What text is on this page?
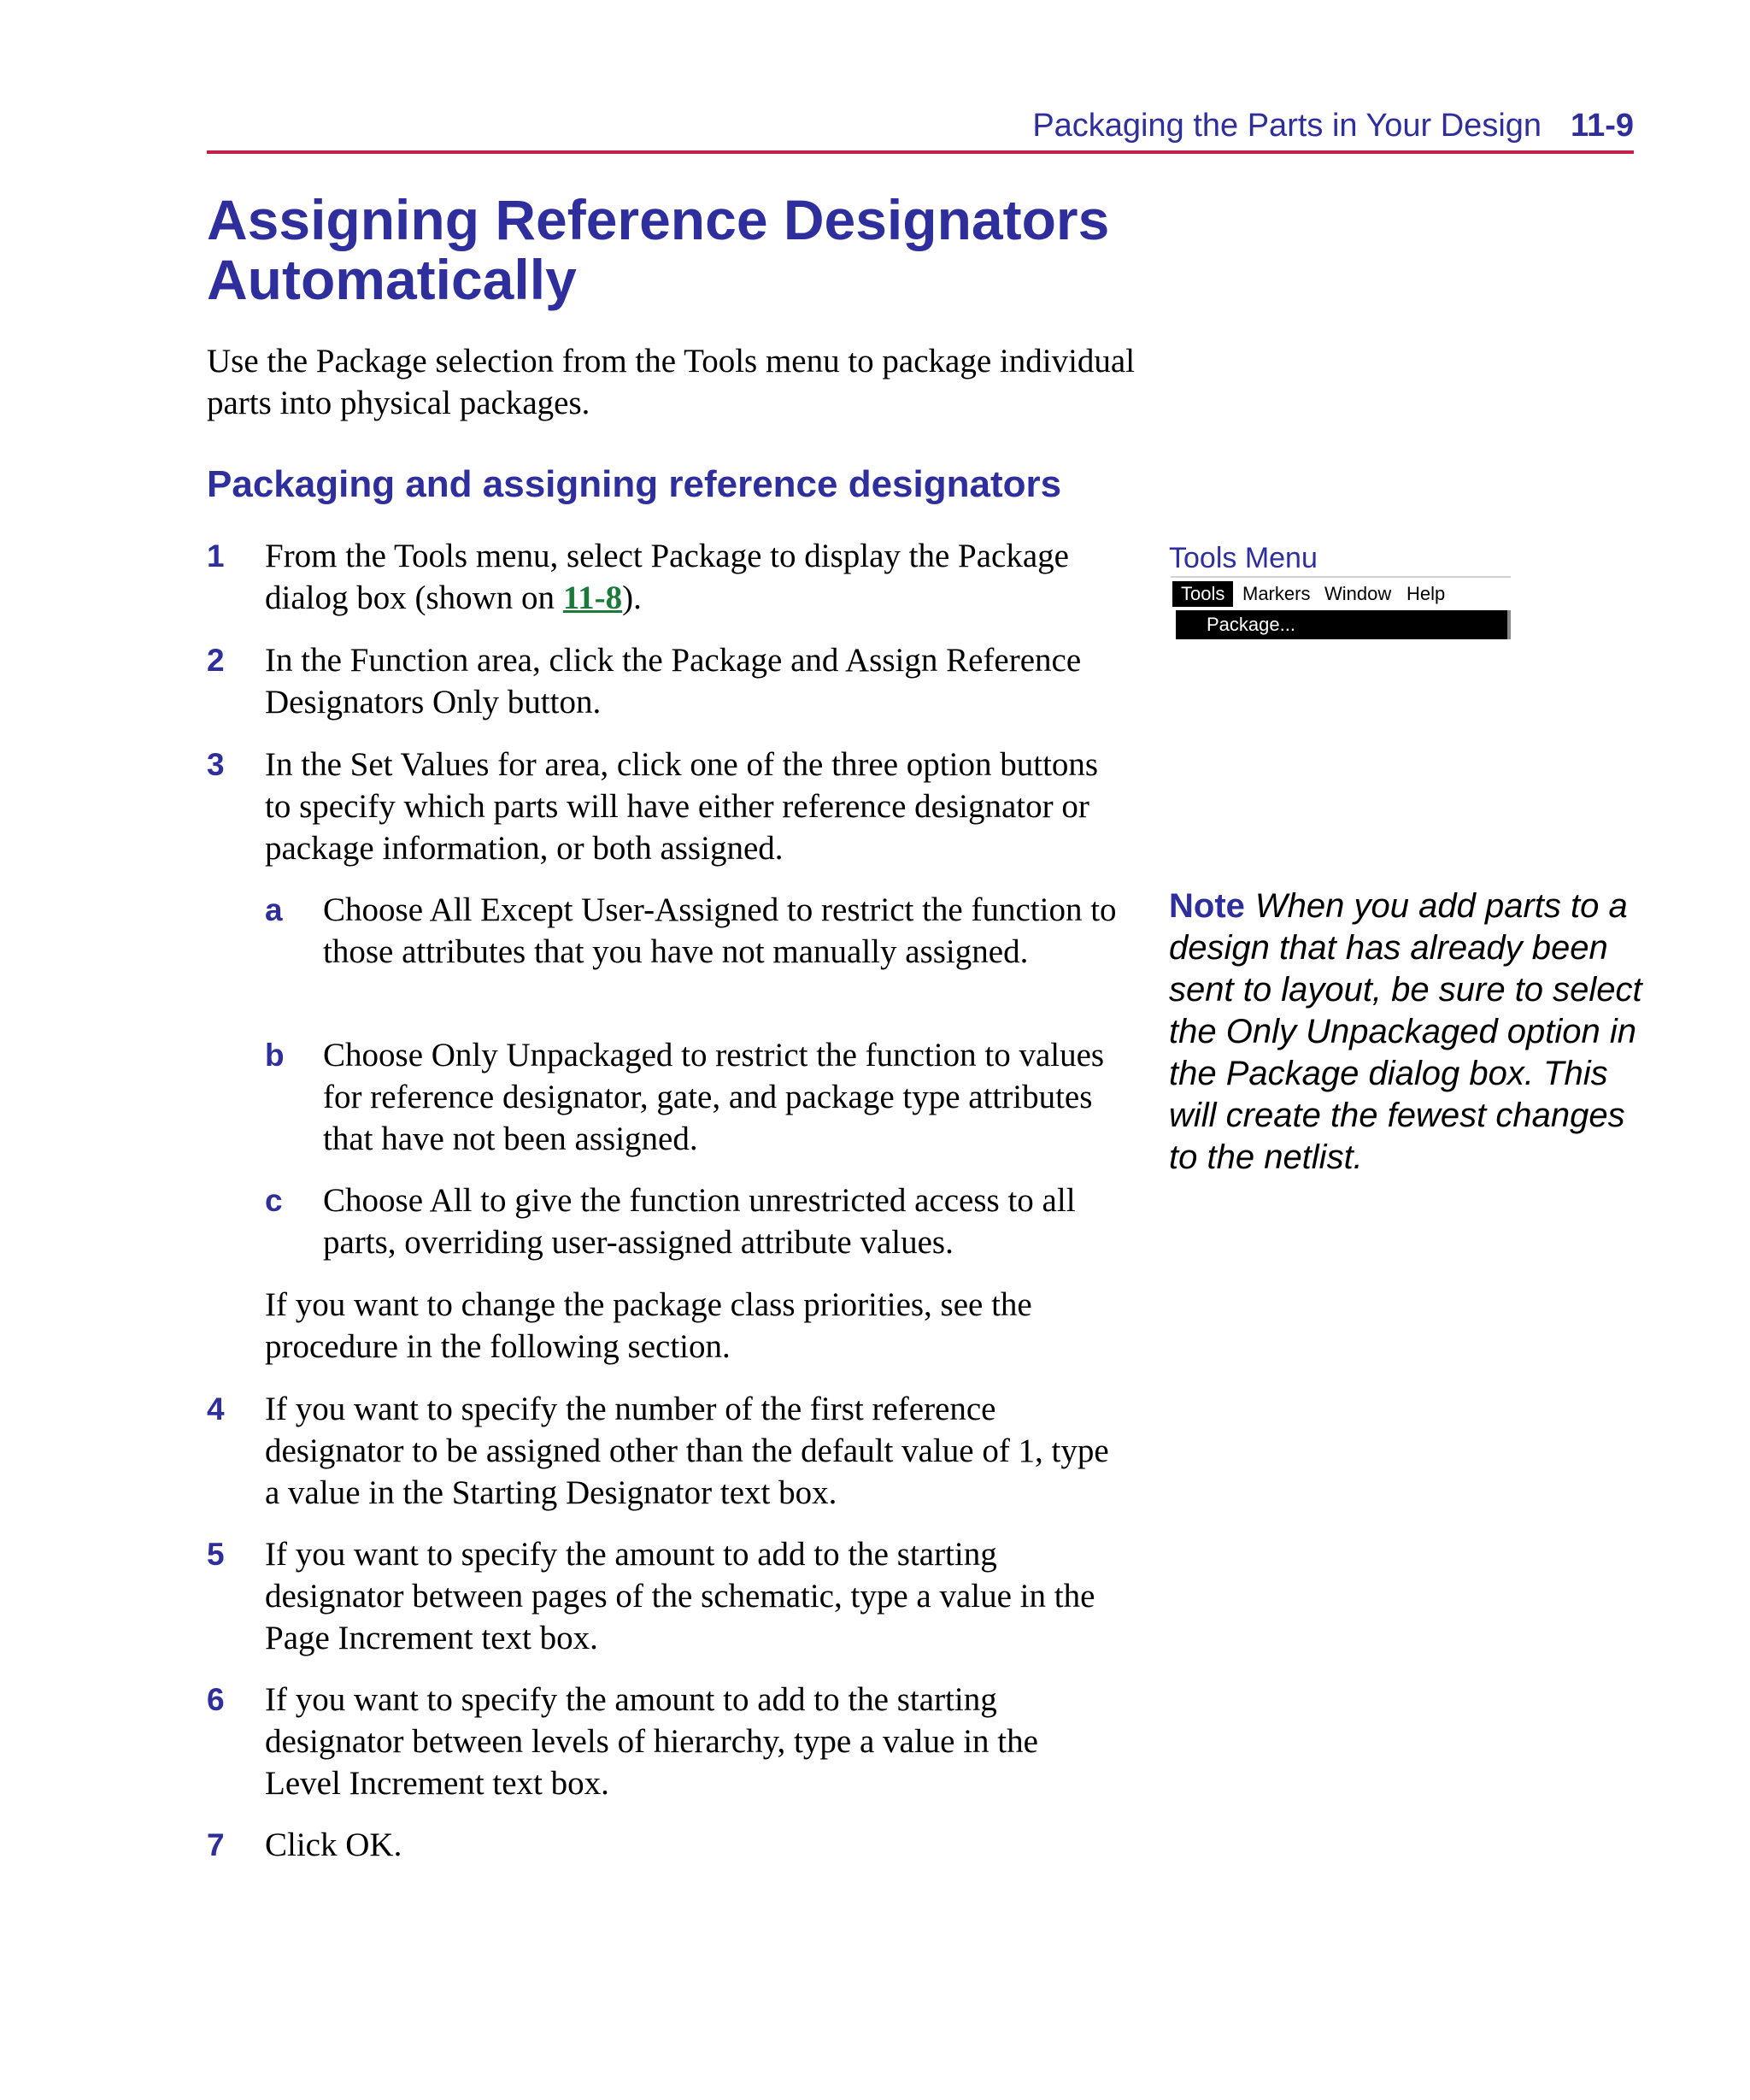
Packaging the Parts in Your Design 11-9
Assigning Reference Designators Automatically

Use the Package selection from the Tools menu to package individual parts into physical packages.

Packaging and assigning reference designators
1 From the Tools menu, select Package to display the Package dialog box (shown on 11-8).
2 In the Function area, click the Package and Assign Reference Designators Only button.
3 In the Set Values for area, click one of the three option buttons to specify which parts will have either reference designator or package information, or both assigned.
a Choose All Except User-Assigned to restrict the function to those attributes that you have not manually assigned.
b Choose Only Unpackaged to restrict the function to values for reference designator, gate, and package type attributes that have not been assigned.
c Choose All to give the function unrestricted access to all parts, overriding user-assigned attribute values.
If you want to change the package class priorities, see the procedure in the following section.
4 If you want to specify the number of the first reference designator to be assigned other than the default value of 1, type a value in the Starting Designator text box.
5 If you want to specify the amount to add to the starting designator between pages of the schematic, type a value in the Page Increment text box.
6 If you want to specify the amount to add to the starting designator between levels of hierarchy, type a value in the Level Increment text box.
7 Click OK.
Tools Menu
Tools Markers Window Help
Package...
Note When you add parts to a design that has already been sent to layout, be sure to select the Only Unpackaged option in the Package dialog box. This will create the fewest changes to the netlist.
